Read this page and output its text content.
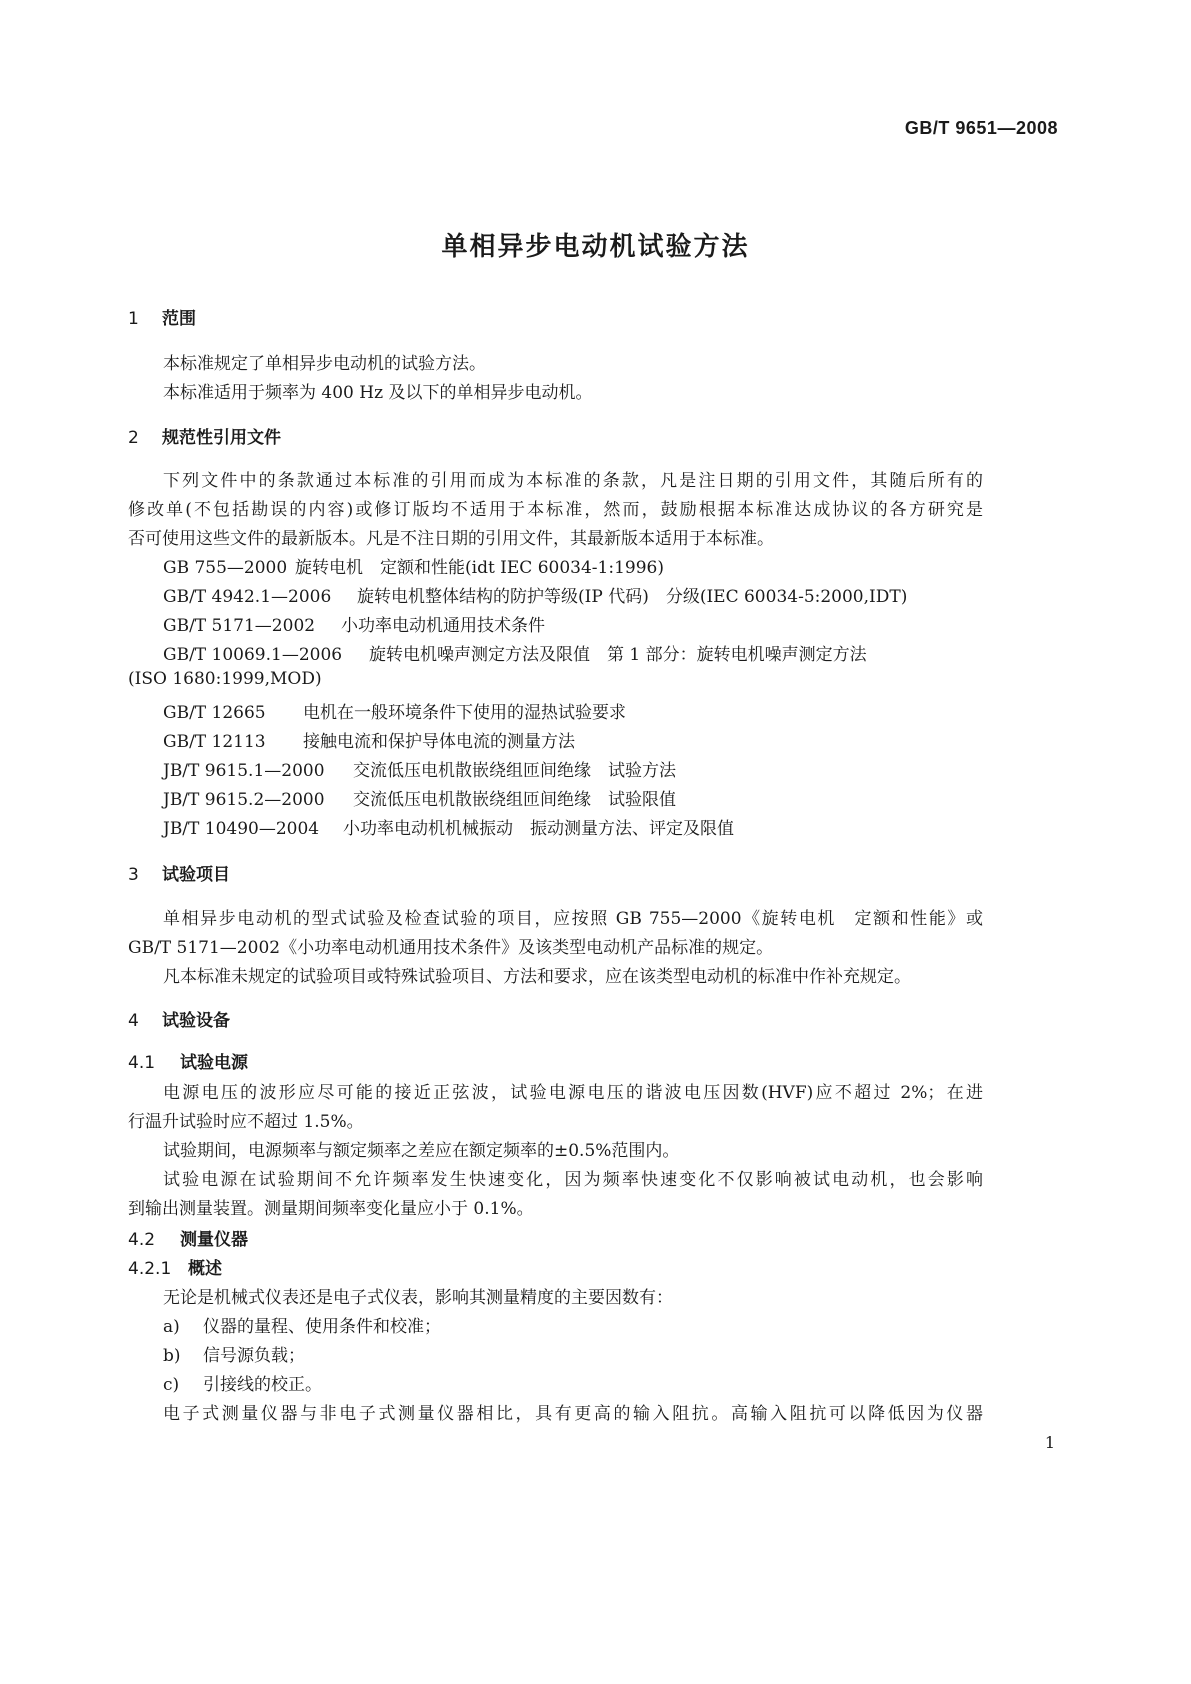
GB/T 9651—2008
单相异步电动机试验方法
1 范围
本标准规定了单相异步电动机的试验方法。
本标准适用于频率为 400 Hz 及以下的单相异步电动机。
2 规范性引用文件
下列文件中的条款通过本标准的引用而成为本标准的条款，凡是注日期的引用文件，其随后所有的
修改单(不包括勘误的内容)或修订版均不适用于本标准，然而，鼓励根据本标准达成协议的各方研究是
否可使用这些文件的最新版本。凡是不注日期的引用文件，其最新版本适用于本标准。
GB 755—2000 旋转电机　定额和性能(idt IEC 60034-1:1996)
GB/T 4942.1—2006 旋转电机整体结构的防护等级(IP 代码)　分级(IEC 60034-5:2000,IDT)
GB/T 5171—2002 小功率电动机通用技术条件
GB/T 10069.1—2006 旋转电机噪声测定方法及限值　第 1 部分：旋转电机噪声测定方法
(ISO 1680:1999,MOD)
GB/T 12665 电机在一般环境条件下使用的湿热试验要求
GB/T 12113 接触电流和保护导体电流的测量方法
JB/T 9615.1—2000 交流低压电机散嵌绕组匝间绝缘　试验方法
JB/T 9615.2—2000 交流低压电机散嵌绕组匝间绝缘　试验限值
JB/T 10490—2004 小功率电动机机械振动　振动测量方法、评定及限值
3 试验项目
单相异步电动机的型式试验及检查试验的项目，应按照 GB 755—2000《旋转电机　定额和性能》或
GB/T 5171—2002《小功率电动机通用技术条件》及该类型电动机产品标准的规定。
凡本标准未规定的试验项目或特殊试验项目、方法和要求，应在该类型电动机的标准中作补充规定。
4 试验设备
4.1 试验电源
电源电压的波形应尽可能的接近正弦波，试验电源电压的谐波电压因数(HVF)应不超过 2%；在进
行温升试验时应不超过 1.5%。
试验期间，电源频率与额定频率之差应在额定频率的±0.5%范围内。
试验电源在试验期间不允许频率发生快速变化，因为频率快速变化不仅影响被试电动机，也会影响
到输出测量装置。测量期间频率变化量应小于 0.1%。
4.2 测量仪器
4.2.1 概述
无论是机械式仪表还是电子式仪表，影响其测量精度的主要因数有：
a) 仪器的量程、使用条件和校准；
b) 信号源负载；
c) 引接线的校正。
电子式测量仪器与非电子式测量仪器相比，具有更高的输入阻抗。高输入阻抗可以降低因为仪器
1
